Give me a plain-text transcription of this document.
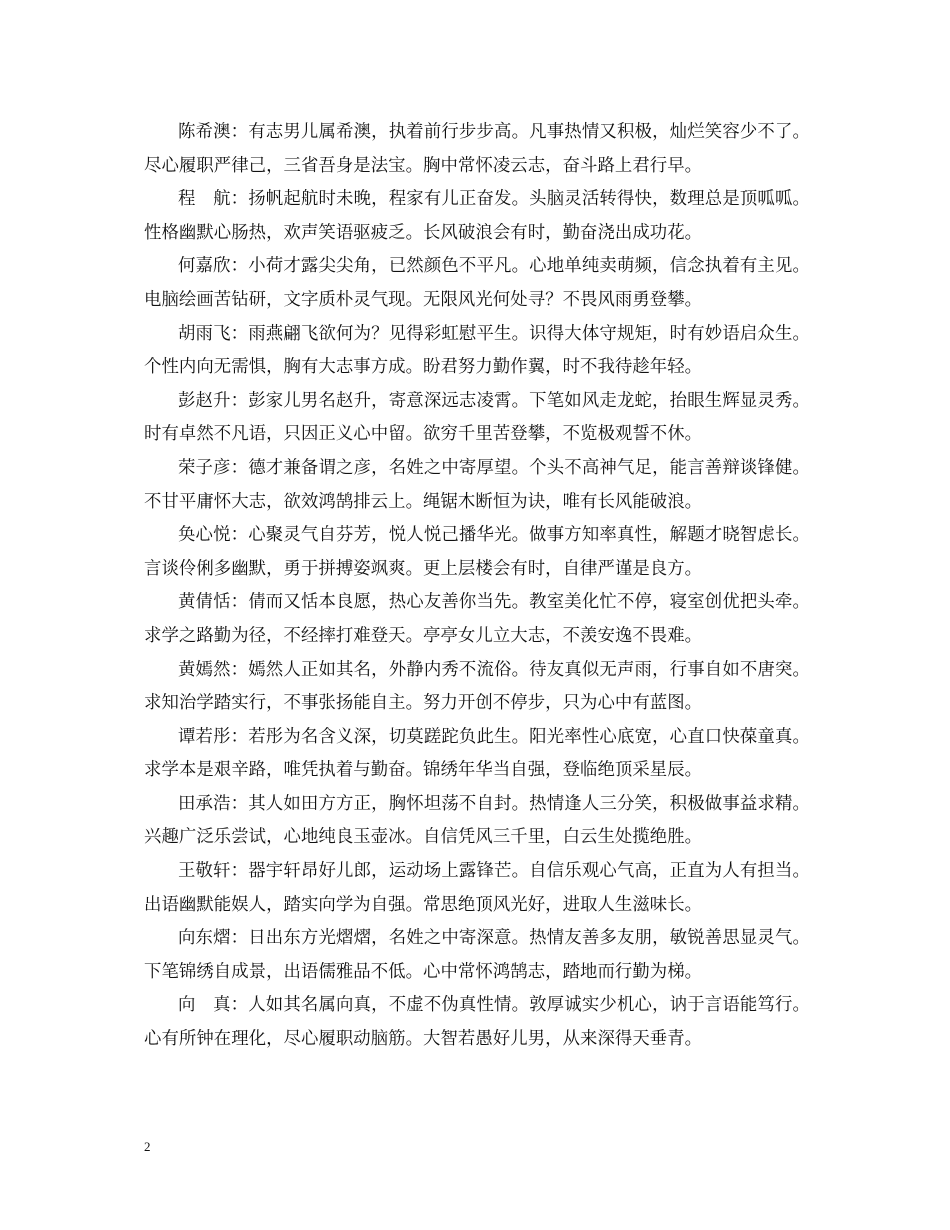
陈希澳：有志男儿属希澳，执着前行步步高。凡事热情又积极，灿烂笑容少不了。尽心履职严律己，三省吾身是法宝。胸中常怀凌云志，奋斗路上君行早。

程　航：扬帆起航时未晚，程家有儿正奋发。头脑灵活转得快，数理总是顶呱呱。性格幽默心肠热，欢声笑语驱疲乏。长风破浪会有时，勤奋浇出成功花。

何嘉欣：小荷才露尖尖角，已然颜色不平凡。心地单纯卖萌频，信念执着有主见。电脑绘画苦钻研，文字质朴灵气现。无限风光何处寻？不畏风雨勇登攀。

胡雨飞：雨燕翩飞欲何为？见得彩虹慰平生。识得大体守规矩，时有妙语启众生。个性内向无需惧，胸有大志事方成。盼君努力勤作翼，时不我待趁年轻。

彭赵升：彭家儿男名赵升，寄意深远志凌霄。下笔如风走龙蛇，抬眼生辉显灵秀。时有卓然不凡语，只因正义心中留。欲穷千里苦登攀，不览极观誓不休。

荣子彦：德才兼备谓之彦，名姓之中寄厚望。个头不高神气足，能言善辩谈锋健。不甘平庸怀大志，欲效鸿鹄排云上。绳锯木断恒为诀，唯有长风能破浪。

奂心悦：心聚灵气自芬芳，悦人悦己播华光。做事方知率真性，解题才晓智虑长。言谈伶俐多幽默，勇于拼搏姿飒爽。更上层楼会有时，自律严谨是良方。

黄倩恬：倩而又恬本良愿，热心友善你当先。教室美化忙不停，寝室创优把头牵。求学之路勤为径，不经摔打难登天。亭亭女儿立大志，不羡安逸不畏难。

黄嫣然：嫣然人正如其名，外静内秀不流俗。待友真似无声雨，行事自如不唐突。求知治学踏实行，不事张扬能自主。努力开创不停步，只为心中有蓝图。

谭若彤：若彤为名含义深，切莫蹉跎负此生。阳光率性心底宽，心直口快葆童真。求学本是艰辛路，唯凭执着与勤奋。锦绣年华当自强，登临绝顶采星辰。

田承浩：其人如田方方正，胸怀坦荡不自封。热情逢人三分笑，积极做事益求精。兴趣广泛乐尝试，心地纯良玉壶冰。自信凭风三千里，白云生处揽绝胜。

王敬轩：器宇轩昂好儿郎，运动场上露锋芒。自信乐观心气高，正直为人有担当。出语幽默能娱人，踏实向学为自强。常思绝顶风光好，进取人生滋味长。

向东熠：日出东方光熠熠，名姓之中寄深意。热情友善多友朋，敏锐善思显灵气。下笔锦绣自成景，出语儒雅品不低。心中常怀鸿鹄志，踏地而行勤为梯。

向　真：人如其名属向真，不虚不伪真性情。敦厚诚实少机心，讷于言语能笃行。心有所钟在理化，尽心履职动脑筋。大智若愚好儿男，从来深得天垂青。

2
